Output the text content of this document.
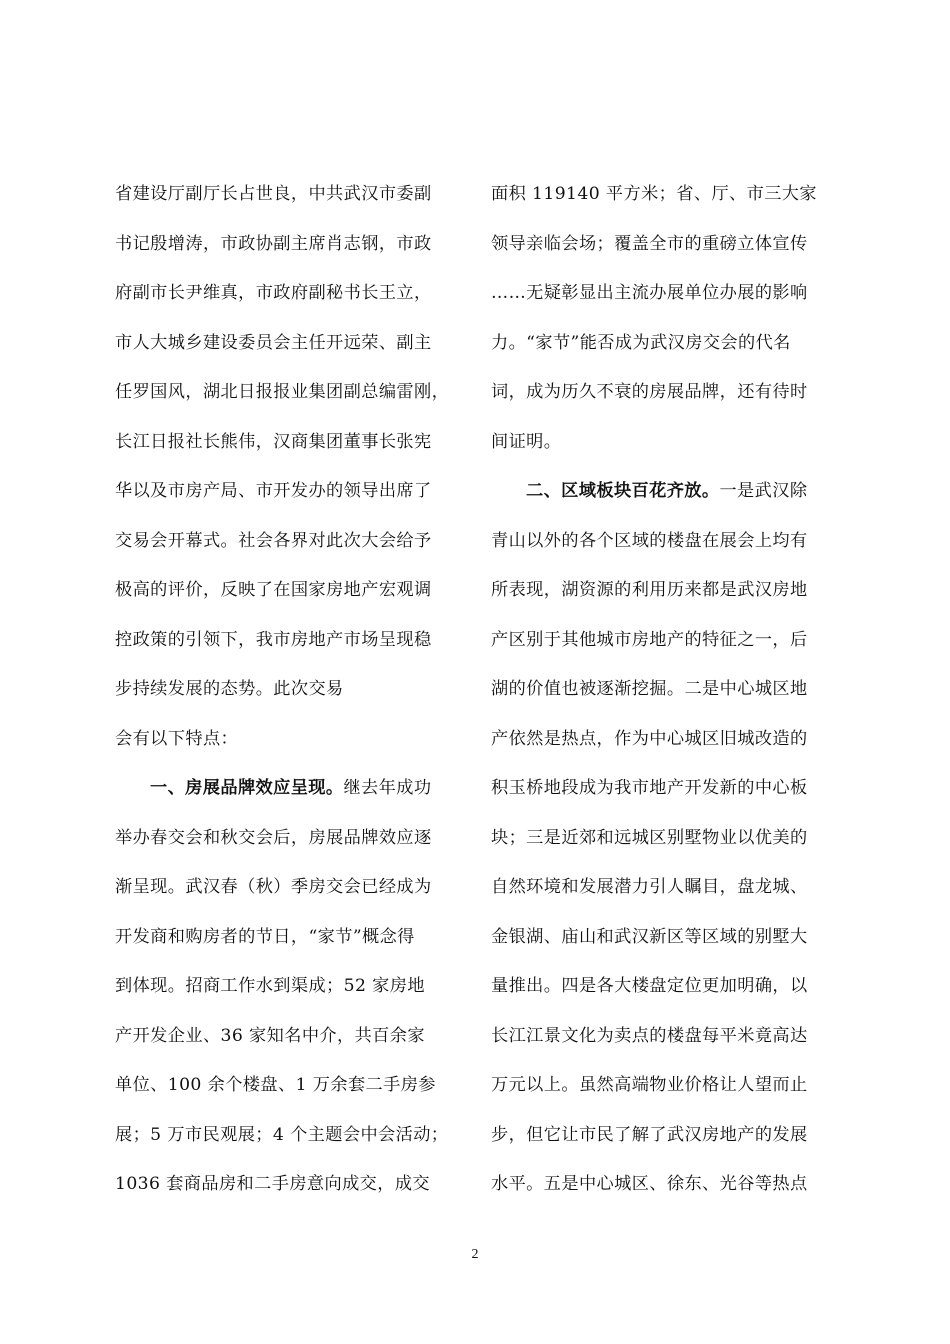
省建设厅副厅长占世良，中共武汉市委副
书记殷增涛，市政协副主席肖志钢，市政
府副市长尹维真，市政府副秘书长王立，
市人大城乡建设委员会主任开远荣、副主
任罗国风，湖北日报报业集团副总编雷刚，
长江日报社长熊伟，汉商集团董事长张宪
华以及市房产局、市开发办的领导出席了
交易会开幕式。社会各界对此次大会给予
极高的评价，反映了在国家房地产宏观调
控政策的引领下，我市房地产市场呈现稳
步持续发展的态势。此次交易
会有以下特点：
一、房展品牌效应呈现。继去年成功
举办春交会和秋交会后，房展品牌效应逐
渐呈现。武汉春（秋）季房交会已经成为
开发商和购房者的节日，“家节”概念得
到体现。招商工作水到渠成；52 家房地
产开发企业、36 家知名中介，共百余家
单位、100 余个楼盘、1 万余套二手房参
展；5 万市民观展；4 个主题会中会活动；
1036 套商品房和二手房意向成交，成交
面积 119140 平方米；省、厅、市三大家
领导亲临会场；覆盖全市的重磅立体宣传
……无疑彰显出主流办展单位办展的影响
力。“家节”能否成为武汉房交会的代名
词，成为历久不衰的房展品牌，还有待时
间证明。
二、区域板块百花齐放。一是武汉除
青山以外的各个区域的楼盘在展会上均有
所表现，湖资源的利用历来都是武汉房地
产区别于其他城市房地产的特征之一，后
湖的价值也被逐渐挖掘。二是中心城区地
产依然是热点，作为中心城区旧城改造的
积玉桥地段成为我市地产开发新的中心板
块；三是近郊和远城区别墅物业以优美的
自然环境和发展潜力引人瞩目，盘龙城、
金银湖、庙山和武汉新区等区域的别墅大
量推出。四是各大楼盘定位更加明确，以
长江江景文化为卖点的楼盘每平米竟高达
万元以上。虽然高端物业价格让人望而止
步，但它让市民了解了武汉房地产的发展
水平。五是中心城区、徐东、光谷等热点
2
